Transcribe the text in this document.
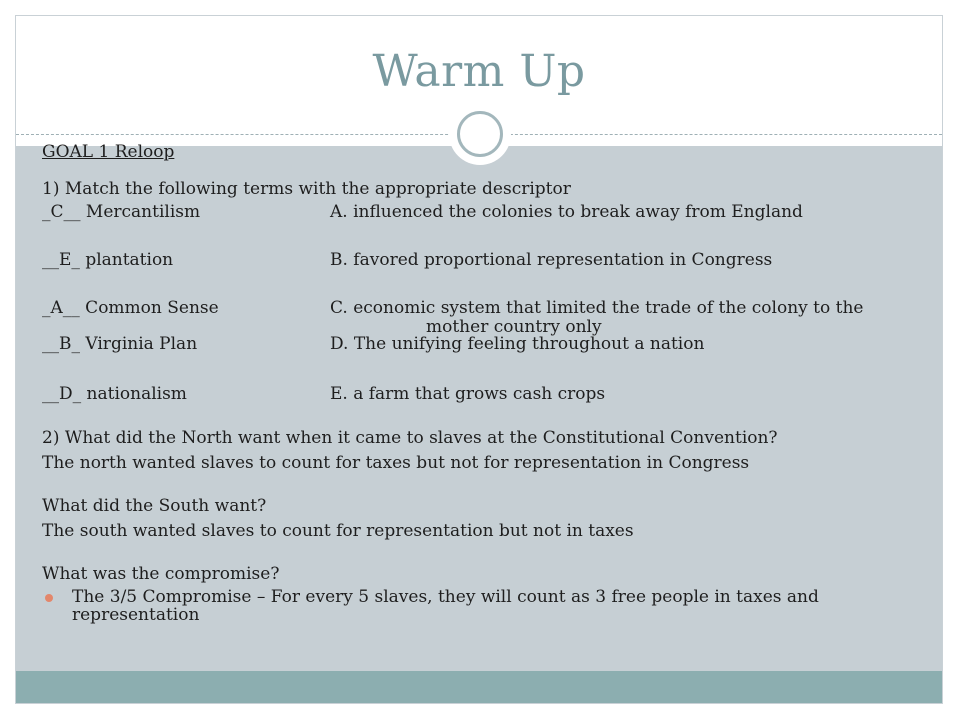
Warm Up
GOAL 1 Reloop
1) Match the following terms with the appropriate descriptor
_C__ Mercantilism	A. influenced the colonies to break away from England
__E_ plantation	B. favored proportional representation in Congress
_A__ Common Sense	C. economic system that limited the trade of the colony to the
mother country only
__B_ Virginia Plan	D. The unifying feeling throughout a nation
__D_ nationalism	E. a farm that grows cash crops
2) What did the North want when it came to slaves at the Constitutional Convention?
The north wanted slaves to count for taxes but not for representation in Congress
What did the South want?
The south wanted slaves to count for representation but not in taxes
What was the compromise?
The 3/5 Compromise – For every 5 slaves, they will count as 3 free people in taxes and representation
